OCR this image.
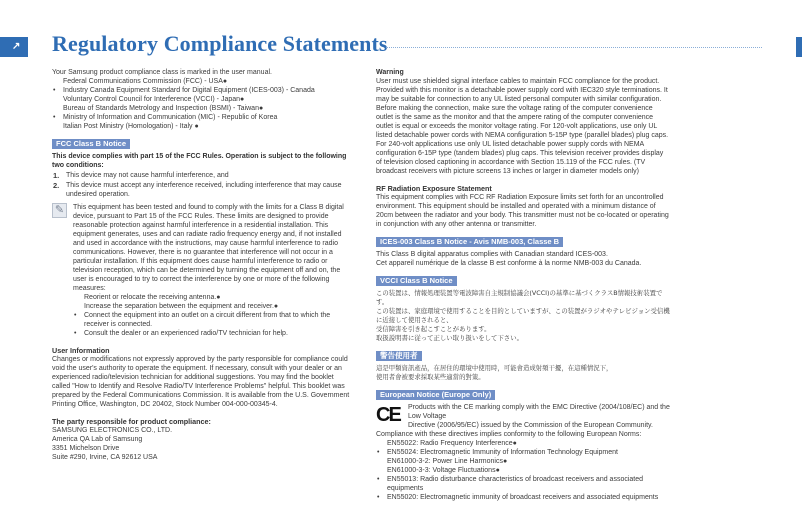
↗ Regulatory Compliance Statements

Your Samsung product compliance class is marked in the user manual.

Federal Communications Commission (FCC) - USA●
• Industry Canada Equipment Standard for Digital Equipment (ICES-003) - Canada
Voluntary Control Council for Interference (VCCI) - Japan●
Bureau of Standards Metrology and Inspection (BSMI) - Taiwan●
• Ministry of Information and Communication (MIC) - Republic of Korea
Italian Post Ministry (Homologation) - Italy ●
FCC Class B Notice

This device complies with part 15 of the FCC Rules. Operation is subject to the following two conditions:

1. This device may not cause harmful interference, and
2. This device must accept any interference received, including interference that may cause undesired operation.
✎	This equipment has been tested and found to comply with the limits for a Class B digital device, pursuant to Part 15 of the FCC Rules. These limits are designed to provide reasonable protection against harmful interference in a residential installation. This equipment generates, uses and can radiate radio frequency energy and, if not installed and used in accordance with the instructions, may cause harmful interference to radio communications. However, there is no guarantee that interference will not occur in a particular installation. If this equipment does cause harmful interference to radio or television reception, which can be determined by turning the equipment off and on, the user is encouraged to try to correct the interference by one or more of the following measures:

Reorient or relocate the receiving antenna.●
Increase the separation between the equipment and receiver.●
• Connect the equipment into an outlet on a circuit different from that to which the receiver is connected.
• Consult the dealer or an experienced radio/TV technician for help.

User Information

Changes or modifications not expressly approved by the party responsible for compliance could void the user's authority to operate the equipment. If necessary, consult with your dealer or an experienced radio/television technician for additional suggestions. You may find the booklet called "How to Identify and Resolve Radio/TV Interference Problems" helpful. This booklet was prepared by the Federal Communications Commission. It is available from the U.S. Government Printing Office, Washington, DC 20402, Stock Number 004-000-00345-4.

The party responsible for product compliance:

SAMSUNG ELECTRONICS CO., LTD.

America QA Lab of Samsung

3351 Michelson Drive

Suite #290, Irvine, CA 92612 USA

Warning

User must use shielded signal interface cables to maintain FCC compliance for the product. Provided with this monitor is a detachable power supply cord with IEC320 style terminations. It may be suitable for connection to any UL listed personal computer with similar configuration. Before making the connection, make sure the voltage rating of the computer convenience outlet is the same as the monitor and that the ampere rating of the computer convenience outlet is equal or exceeds the monitor voltage rating. For 120-volt applications, use only UL listed detachable power cords with NEMA configuration 5-15P type (parallel blades) plug caps. For 240-volt applications use only UL listed detachable power supply cords with NEMA configuration 6-15P type (tandem blades) plug caps. This television receiver provides display of television closed captioning in accordance with Section 15.119 of the FCC rules. (TV broadcast receivers with picture screens 13 inches or larger in diameter models only)

RF Radiation Exposure Statement

This equipment complies with FCC RF Radiation Exposure limits set forth for an uncontrolled environment. This equipment should be installed and operated with a minimum distance of 20cm between the radiator and your body. This transmitter must not be co-located or operating in conjunction with any other antenna or transmitter.

ICES-003 Class B Notice - Avis NMB-003, Classe B

This Class B digital apparatus complies with Canadian standard ICES-003.

Cet appareil numérique de la classe B est conforme à la norme NMB-003 du Canada.

VCCI Class B Notice

この装置は、情報処理装置等電波障害自主規制協議会(VCCI)の基準に基づくクラスB情報技術装置です。

この装置は、家庭環境で使用することを目的としていますが、この装置がラジオやテレビジョン受信機に近接して使用されると、

受信障害を引き起こすことがあります。

取扱説明書に従って正しい取り扱いをして下さい。

警告使用者

這是甲類資訊產品，在居住的環境中使用時，可能會造成射頻干擾，在這種情況下，

使用者會被要求採取某些適當的對策。

European Notice (Europe Only)
CE Products with the CE marking comply with the EMC Directive (2004/108/EC) and the Low Voltage

Directive (2006/95/EC) issued by the Commission of the European Community.

Compliance with these directives implies conformity to the following European Norms:

EN55022: Radio Frequency Interference●
• EN55024: Electromagnetic Immunity of Information Technology Equipment
EN61000-3-2: Power Line Harmonics●
EN61000-3-3: Voltage Fluctuations●
• EN55013: Radio disturbance characteristics of broadcast receivers and associated equipments
• EN55020: Electromagnetic immunity of broadcast receivers and associated equipments
